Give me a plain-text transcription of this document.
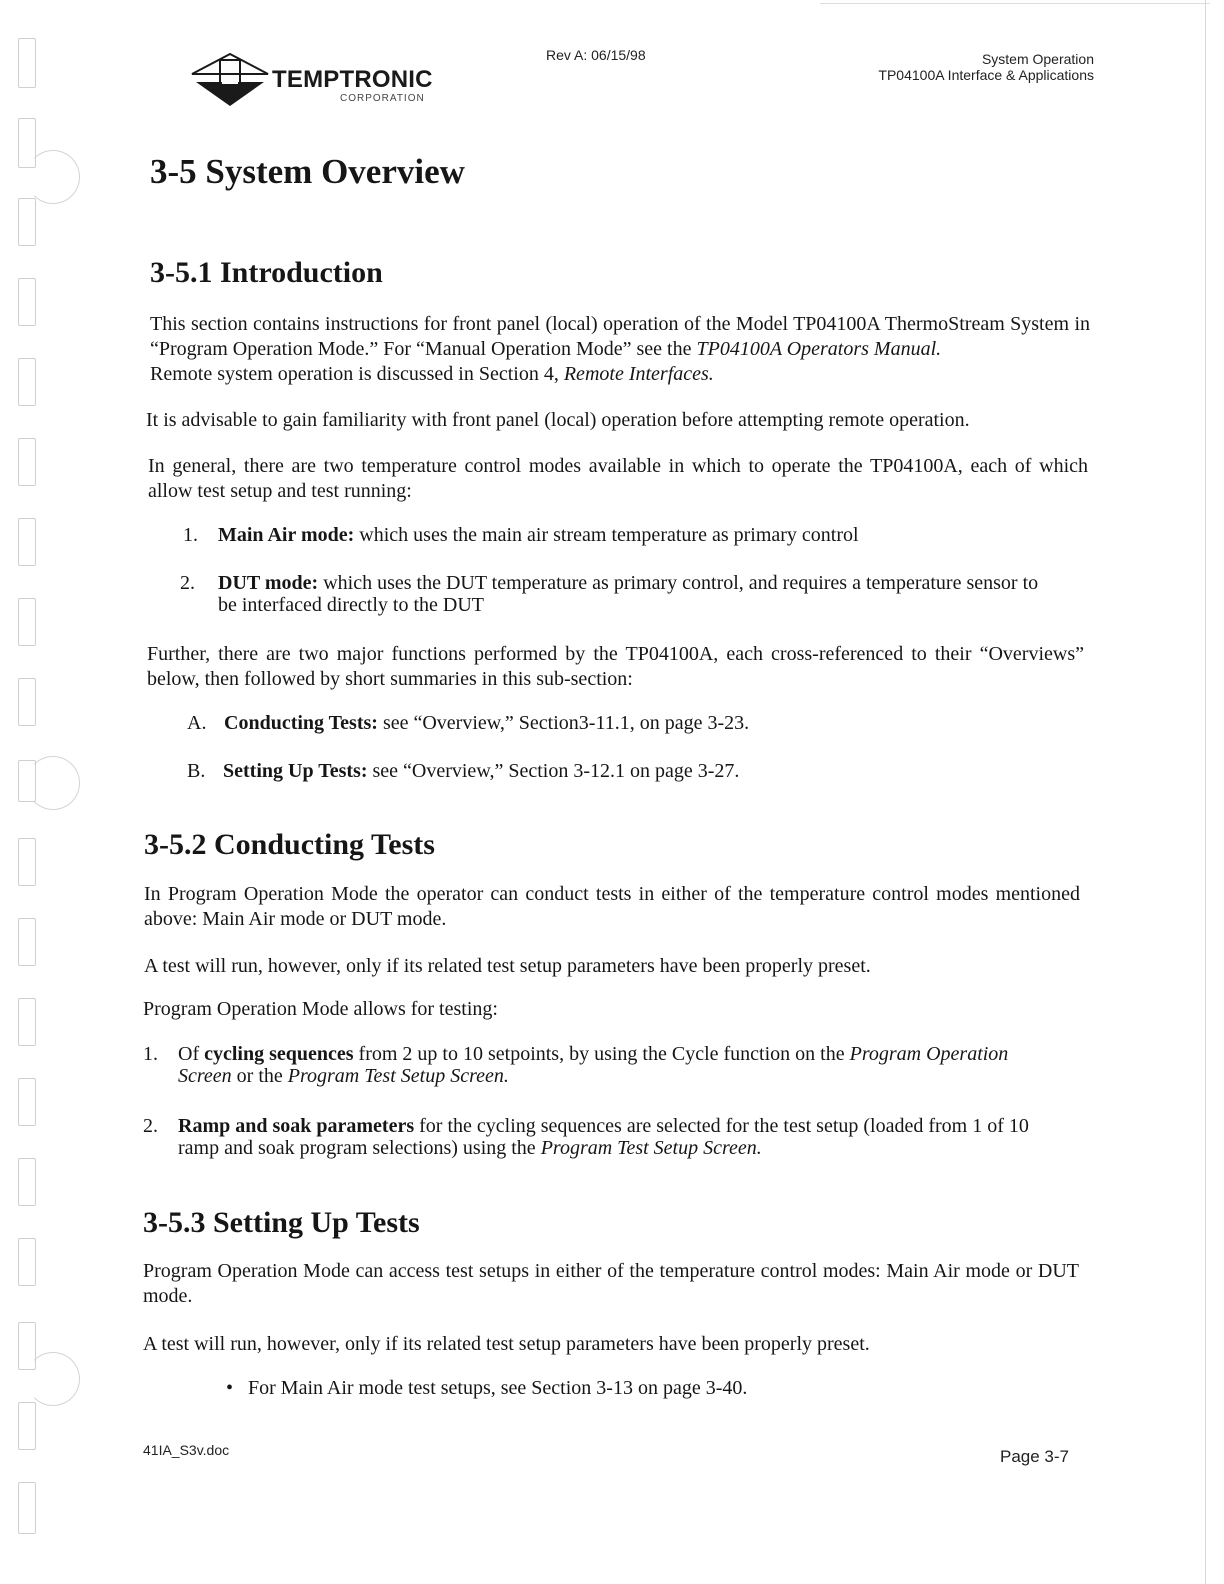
TEMPTRONIC
CORPORATION
Rev A: 06/15/98	System Operation
TP04100A Interface & Applications
3-5 System Overview
3-5.1 Introduction
This section contains instructions for front panel (local) operation of the Model TP04100A ThermoStream System in “Program Operation Mode.” For “Manual Operation Mode” see the TP04100A Operators Manual.
Remote system operation is discussed in Section 4, Remote Interfaces.
It is advisable to gain familiarity with front panel (local) operation before attempting remote operation.
In general, there are two temperature control modes available in which to operate the TP04100A, each of which allow test setup and test running:
1. Main Air mode: which uses the main air stream temperature as primary control
2. DUT mode: which uses the DUT temperature as primary control, and requires a temperature sensor to
be interfaced directly to the DUT
Further, there are two major functions performed by the TP04100A, each cross-referenced to their “Overviews” below, then followed by short summaries in this sub-section:
A. Conducting Tests: see “Overview,” Section3-11.1, on page 3-23.
B. Setting Up Tests: see “Overview,” Section 3-12.1 on page 3-27.
3-5.2 Conducting Tests
In Program Operation Mode the operator can conduct tests in either of the temperature control modes mentioned above: Main Air mode or DUT mode.
A test will run, however, only if its related test setup parameters have been properly preset.
Program Operation Mode allows for testing:
1. Of cycling sequences from 2 up to 10 setpoints, by using the Cycle function on the Program Operation
Screen or the Program Test Setup Screen.
2. Ramp and soak parameters for the cycling sequences are selected for the test setup (loaded from 1 of 10
ramp and soak program selections) using the Program Test Setup Screen.
3-5.3 Setting Up Tests
Program Operation Mode can access test setups in either of the temperature control modes: Main Air mode or DUT mode.
A test will run, however, only if its related test setup parameters have been properly preset.
• For Main Air mode test setups, see Section 3-13 on page 3-40.
41IA_S3v.doc	Page 3-7
